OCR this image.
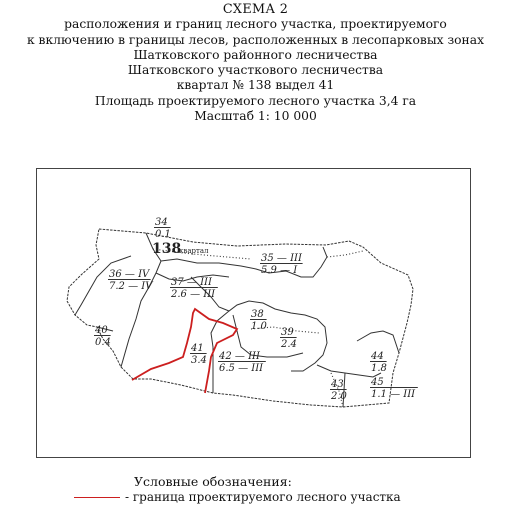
СХЕМА 2
расположения и границ лесного участка, проектируемого
к включению в границы лесов, расположенных в лесопарковых зонах
Шатковского районного лесничества
Шатковского участкового лесничества
квартал № 138 выдел 41
Площадь проектируемого лесного участка 3,4 га
Масштаб 1: 10 000
34
0.1
35 — III
5.9 — I
36 — IV
7.2 — IV 37 — III
2.6 — III
38
1.0
39
2.4
40
0.4
41
3.4 42 — III
6.5 — III
43
2.0
44
1.8
45
1.1 — III
138
квартал
Условные обозначения:
- граница проектируемого лесного участка
